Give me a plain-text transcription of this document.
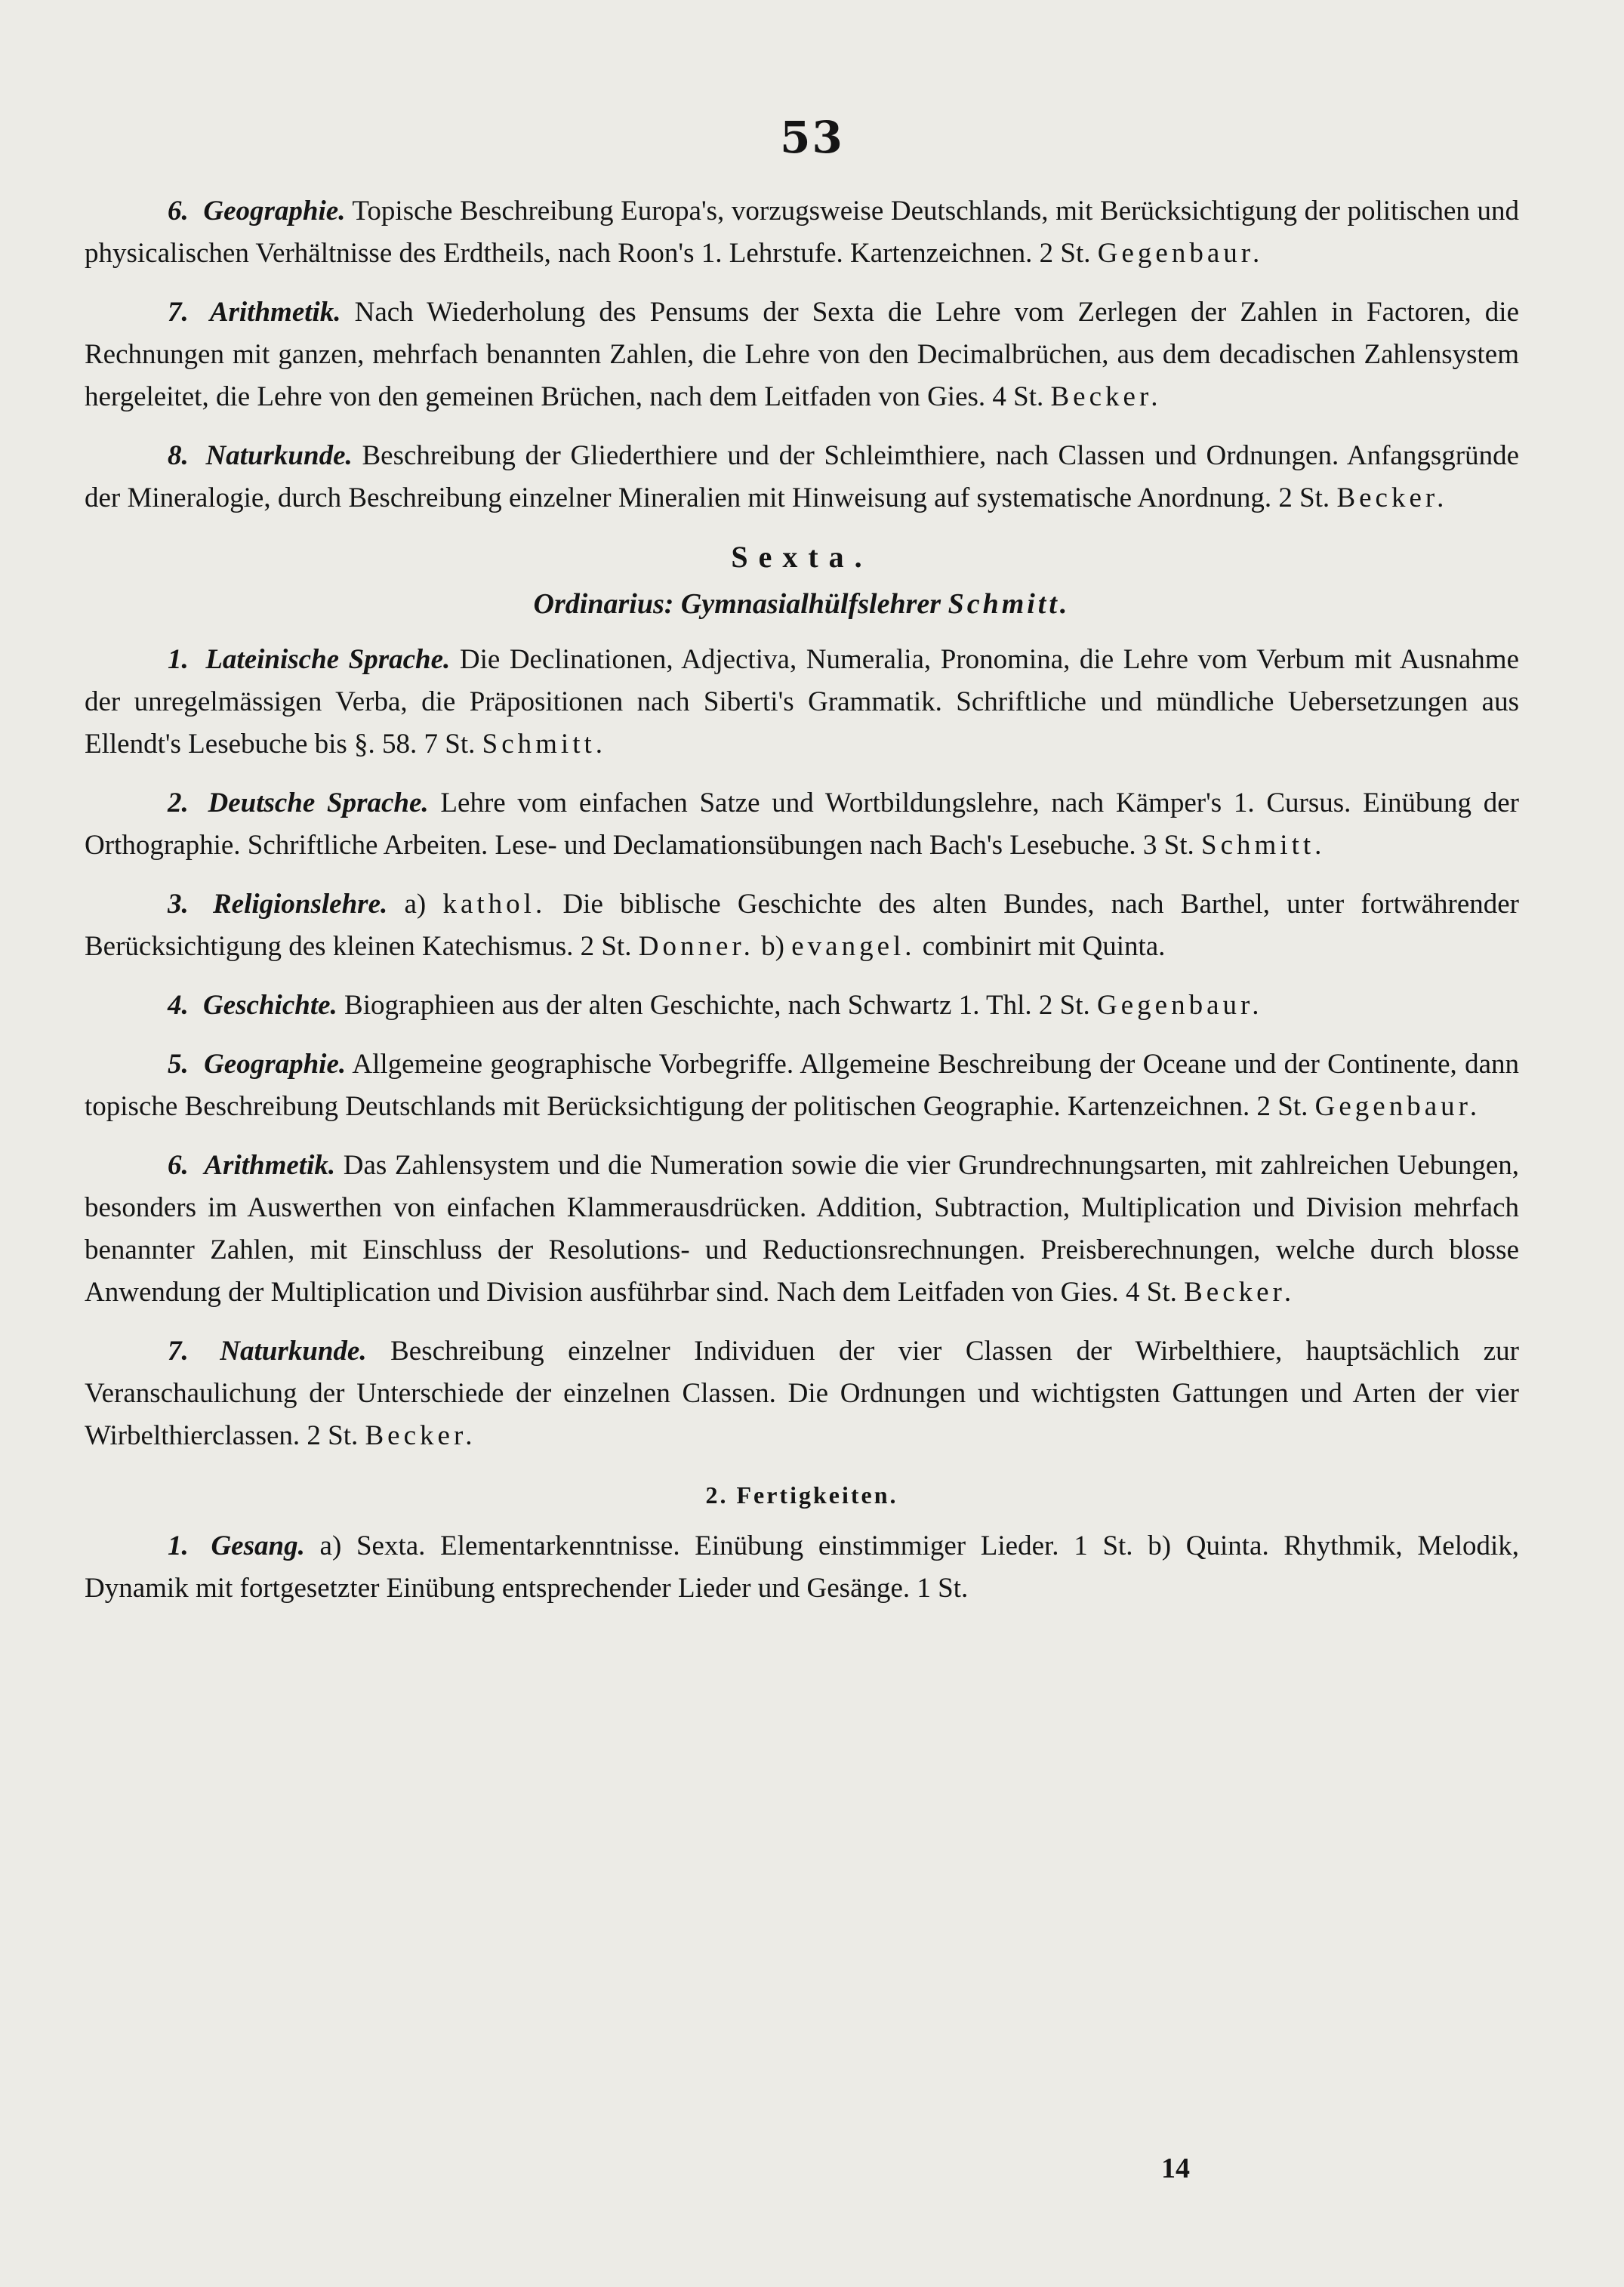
53

6. Geographie. Topische Beschreibung Europa's, vorzugsweise Deutschlands, mit Berücksichtigung der politischen und physicalischen Verhältnisse des Erdtheils, nach Roon's 1. Lehrstufe. Kartenzeichnen. 2 St. Gegenbaur.

7. Arithmetik. Nach Wiederholung des Pensums der Sexta die Lehre vom Zerlegen der Zahlen in Factoren, die Rechnungen mit ganzen, mehrfach benannten Zahlen, die Lehre von den Decimalbrüchen, aus dem decadischen Zahlensystem hergeleitet, die Lehre von den gemeinen Brüchen, nach dem Leitfaden von Gies. 4 St. Becker.

8. Naturkunde. Beschreibung der Gliederthiere und der Schleimthiere, nach Classen und Ordnungen. Anfangsgründe der Mineralogie, durch Beschreibung einzelner Mineralien mit Hinweisung auf systematische Anordnung. 2 St. Becker.

Sexta.
Ordinarius: Gymnasialhülfslehrer Schmitt.

1. Lateinische Sprache. Die Declinationen, Adjectiva, Numeralia, Pronomina, die Lehre vom Verbum mit Ausnahme der unregelmässigen Verba, die Präpositionen nach Siberti's Grammatik. Schriftliche und mündliche Uebersetzungen aus Ellendt's Lesebuche bis §. 58. 7 St. Schmitt.

2. Deutsche Sprache. Lehre vom einfachen Satze und Wortbildungslehre, nach Kämper's 1. Cursus. Einübung der Orthographie. Schriftliche Arbeiten. Lese- und Declamationsübungen nach Bach's Lesebuche. 3 St. Schmitt.

3. Religionslehre. a) kathol. Die biblische Geschichte des alten Bundes, nach Barthel, unter fortwährender Berücksichtigung des kleinen Katechismus. 2 St. Donner. b) evangel. combinirt mit Quinta.

4. Geschichte. Biographieen aus der alten Geschichte, nach Schwartz 1. Thl. 2 St. Gegenbaur.

5. Geographie. Allgemeine geographische Vorbegriffe. Allgemeine Beschreibung der Oceane und der Continente, dann topische Beschreibung Deutschlands mit Berücksichtigung der politischen Geographie. Kartenzeichnen. 2 St. Gegenbaur.

6. Arithmetik. Das Zahlensystem und die Numeration sowie die vier Grundrechnungsarten, mit zahlreichen Uebungen, besonders im Auswerthen von einfachen Klammerausdrücken. Addition, Subtraction, Multiplication und Division mehrfach benannter Zahlen, mit Einschluss der Resolutions- und Reductionsrechnungen. Preisberechnungen, welche durch blosse Anwendung der Multiplication und Division ausführbar sind. Nach dem Leitfaden von Gies. 4 St. Becker.

7. Naturkunde. Beschreibung einzelner Individuen der vier Classen der Wirbelthiere, hauptsächlich zur Veranschaulichung der Unterschiede der einzelnen Classen. Die Ordnungen und wichtigsten Gattungen und Arten der vier Wirbelthierclassen. 2 St. Becker.

2. Fertigkeiten.

1. Gesang. a) Sexta. Elementarkenntnisse. Einübung einstimmiger Lieder. 1 St. b) Quinta. Rhythmik, Melodik, Dynamik mit fortgesetzter Einübung entsprechender Lieder und Gesänge. 1 St.

14
